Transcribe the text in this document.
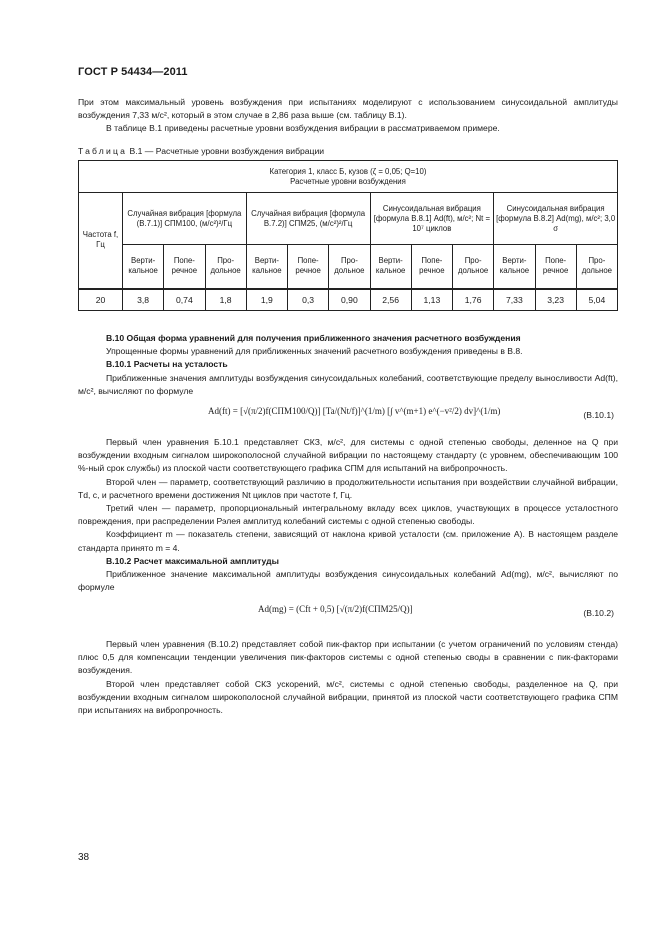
ГОСТ Р 54434—2011
При этом максимальный уровень возбуждения при испытаниях моделируют с использованием синусоидальной амплитуды возбуждения 7,33 м/с², который в этом случае в 2,86 раза выше (см. таблицу В.1).
В таблице В.1 приведены расчетные уровни возбуждения вибрации в рассматриваемом примере.
Таблица В.1 — Расчетные уровни возбуждения вибрации
Категория 1, класс Б, кузов (ζ = 0,05; Q=10)
Расчетные уровни возбуждения												

Частота f, Гц	Случайная вибрация [формула (В.7.1)] СПМ100, (м/с²)²/Гц			Случайная вибрация [формула В.7.2)] СПМ25, (м/с²)²/Гц			Синусоидальная вибрация [формула В.8.1] Ad(ft), м/с²; Nt = 10⁷ циклов			Синусоидальная вибрация [формула В.8.2] Ad(mg), м/с²; 3,0 σ		
	Верти-кальное	Попе-речное	Про-дольное	Верти-кальное	Попе-речное	Про-дольное	Верти-кальное	Попе-речное	Про-дольное	Верти-кальное	Попе-речное	Про-дольное
20	3,8	0,74	1,8	1,9	0,3	0,90	2,56	1,13	1,76	7,33	3,23	5,04
В.10 Общая форма уравнений для получения приближенного значения расчетного возбуждения
Упрощенные формы уравнений для приближенных значений расчетного возбуждения приведены в В.8.
В.10.1 Расчеты на усталость
Приближенные значения амплитуды возбуждения синусоидальных колебаний, соответствующие пределу выносливости Ad(ft), м/с², вычисляют по формуле
Ad(ft) = [√(π/2)f(СПМ100/Q)] [Ta/(Nt/f)]^(1/m) [∫ v^(m+1) e^(−v²/2) dv]^(1/m)	(В.10.1)
Первый член уравнения Б.10.1 представляет СКЗ, м/с², для системы с одной степенью свободы, деленное на Q при возбуждении входным сигналом широкополосной случайной вибрации по настоящему стандарту (с уровнем, обеспечивающим 100 %-ный срок службы) из плоской части соответствующего графика СПМ для испытаний на вибропрочность.
Второй член — параметр, соответствующий различию в продолжительности испытания при воздействии случайной вибрации, Td, с, и расчетного времени достижения Nt циклов при частоте f, Гц.
Третий член — параметр, пропорциональный интегральному вкладу всех циклов, участвующих в процессе усталостного повреждения, при распределении Рэлея амплитуд колебаний системы с одной степенью свободы.
Коэффициент m — показатель степени, зависящий от наклона кривой усталости (см. приложение А). В настоящем разделе стандарта принято m = 4.
В.10.2 Расчет максимальной амплитуды
Приближенное значение максимальной амплитуды возбуждения синусоидальных колебаний Ad(mg), м/с², вычисляют по формуле
Ad(mg) = (Cft + 0,5) [√(π/2)f(СПМ25/Q)]	(В.10.2)
Первый член уравнения (В.10.2) представляет собой пик-фактор при испытании (с учетом ограничений по условиям стенда) плюс 0,5 для компенсации тенденции увеличения пик-факторов системы с одной степенью своды в сравнении с пик-факторами возбуждения.
Второй член представляет собой СКЗ ускорений, м/с², системы с одной степенью свободы, разделенное на Q, при возбуждении входным сигналом широкополосной случайной вибрации, принятой из плоской части соответствующего графика СПМ при испытаниях на вибропрочность.
38
